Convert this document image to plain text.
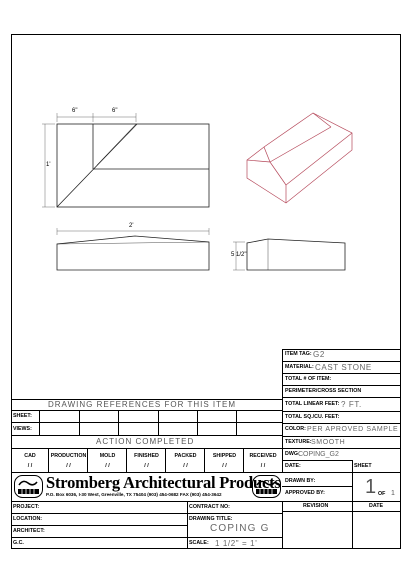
6"	6"
1'
2'
5 1/2"
ITEM TAG: G2
MATERIAL: CAST STONE
TOTAL # OF ITEM:
PERIMETER/CROSS SECTION
TOTAL LINEAR FEET: ? FT.
TOTAL SQ./CU. FEET:
COLOR: PER APROVED SAMPLE
TEXTURE: SMOOTH
DWG:
COPING_G2
DATE:	SHEET
1 OF 1
DRAWN BY:
APPROVED BY:
DRAWING REFERENCES FOR THIS ITEM
SHEET:
VIEWS:
ACTION COMPLETED
CAD
/ /
PRODUCTION
/ /
MOLD
/ /
FINISHED
/ /
PACKED
/ /
SHIPPED
/ /
RECEIVED
/ /
Stromberg Architectural Products
P.O. Box 6036, I-30 West, Greenville, TX 75404 (903) 454-0682 FAX (903) 454-3642
PROJECT:
LOCATION:
ARCHITECT:
G.C.
CONTRACT NO:
DRAWING TITLE:
COPING G
SCALE: 1 1/2" = 1'
REVISION	DATE
